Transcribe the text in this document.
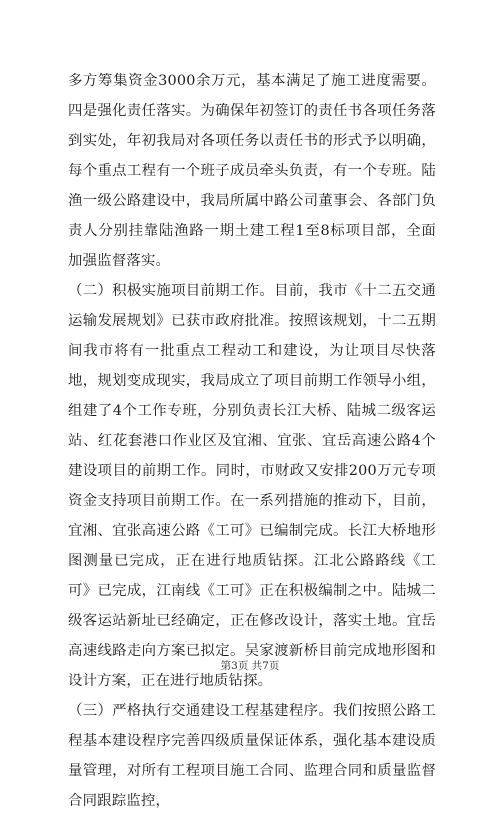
多方筹集资金3000余万元，基本满足了施工进度需要。四是强化责任落实。为确保年初签订的责任书各项任务落到实处，年初我局对各项任务以责任书的形式予以明确，每个重点工程有一个班子成员牵头负责，有一个专班。陆渔一级公路建设中，我局所属中路公司董事会、各部门负责人分别挂靠陆渔路一期土建工程1至8标项目部，全面加强监督落实。

（二）积极实施项目前期工作。目前，我市《十二五交通运输发展规划》已获市政府批准。按照该规划，十二五期间我市将有一批重点工程动工和建设，为让项目尽快落地，规划变成现实，我局成立了项目前期工作领导小组，组建了4个工作专班，分别负责长江大桥、陆城二级客运站、红花套港口作业区及宜湘、宜张、宜岳高速公路4个建设项目的前期工作。同时，市财政又安排200万元专项资金支持项目前期工作。在一系列措施的推动下，目前，宜湘、宜张高速公路《工可》已编制完成。长江大桥地形图测量已完成，正在进行地质钻探。江北公路路线《工可》已完成，江南线《工可》正在积极编制之中。陆城二级客运站新址已经确定，正在修改设计，落实土地。宜岳高速线路走向方案已拟定。吴家渡新桥目前完成地形图和设计方案，正在进行地质钻探。

（三）严格执行交通建设工程基建程序。我们按照公路工程基本建设程序完善四级质量保证体系，强化基本建设质量管理，对所有工程项目施工合同、监理合同和质量监督合同跟踪监控，

第3页 共7页
